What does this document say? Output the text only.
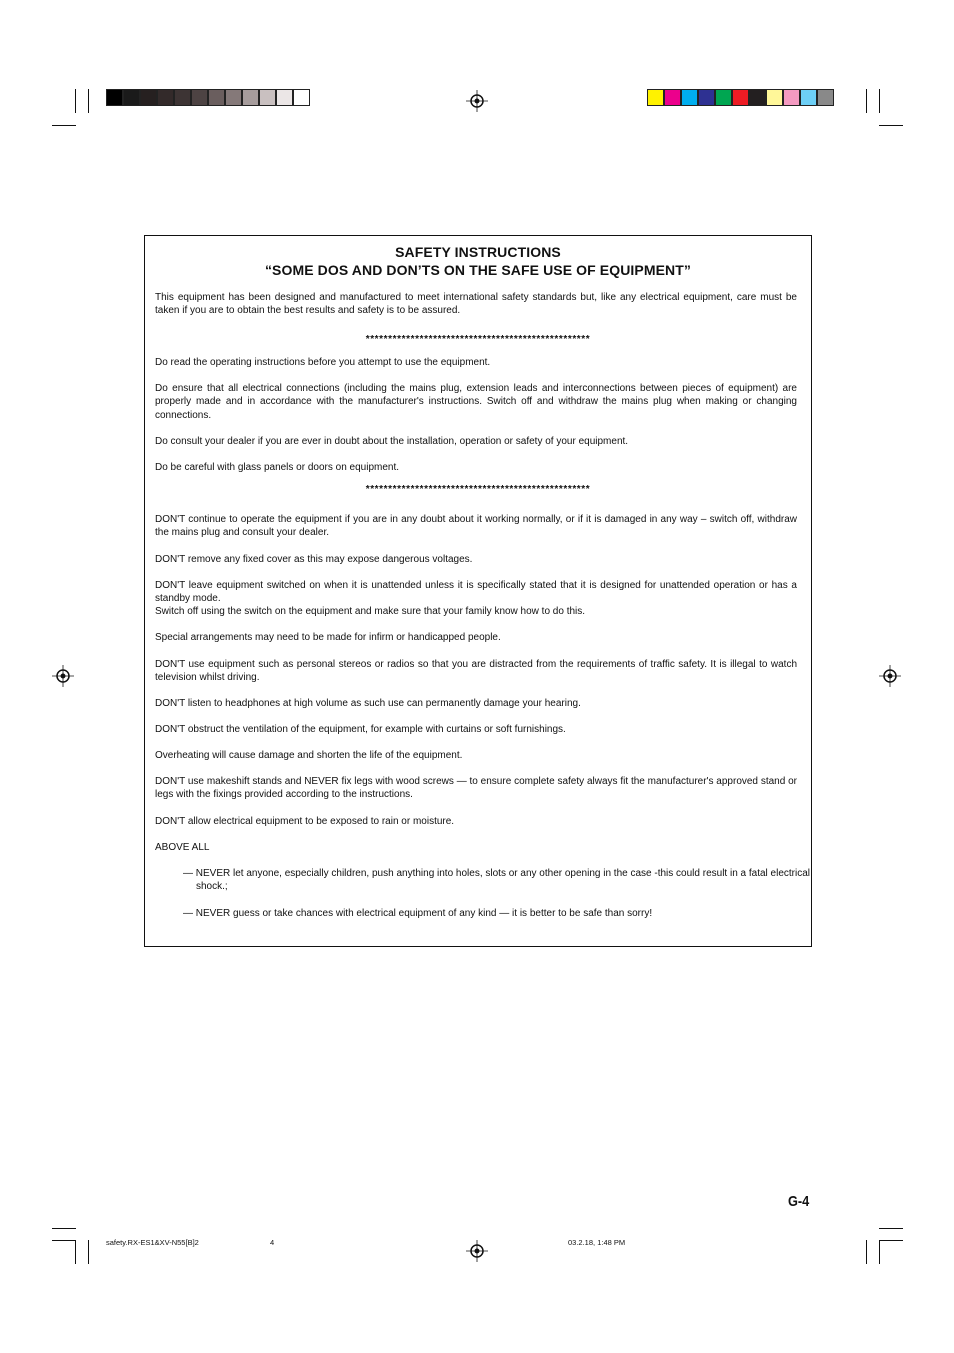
SAFETY INSTRUCTIONS
“SOME DOS AND DON’TS ON THE SAFE USE OF EQUIPMENT”
This equipment has been designed and manufactured to meet international safety standards but, like any electrical equipment, care must be taken if you are to obtain the best results and safety is to be assured.
**************************************************
Do read the operating instructions before you attempt to use the equipment.
Do ensure that all electrical connections (including the mains plug, extension leads and interconnections between pieces of equipment) are properly made and in accordance with the manufacturer's instructions. Switch off and withdraw the mains plug when making or changing connections.
Do consult your dealer if you are ever in doubt about the installation, operation or safety of your equipment.
Do be careful with glass panels or doors on equipment.
**************************************************
DON'T continue to operate the equipment if you are in any doubt about it working normally, or if it is damaged in any way – switch off, withdraw the mains plug and consult your dealer.
DON'T remove any fixed cover as this may expose dangerous voltages.
DON'T leave equipment switched on when it is unattended unless it is specifically stated that it is designed for unattended operation or has a standby mode.
Switch off using the switch on the equipment and make sure that your family know how to do this.
Special arrangements may need to be made for infirm or handicapped people.
DON'T use equipment such as personal stereos or radios so that you are distracted from the requirements of traffic safety. It is illegal to watch television whilst driving.
DON'T listen to headphones at high volume as such use can permanently damage your hearing.
DON'T obstruct the ventilation of the equipment, for example with curtains or soft furnishings.
Overheating will cause damage and shorten the life of the equipment.
DON'T use makeshift stands and NEVER fix legs with wood screws — to ensure complete safety always fit the manufacturer's approved stand or legs with the fixings provided according to the instructions.
DON'T allow electrical equipment to be exposed to rain or moisture.
ABOVE ALL
— NEVER let anyone, especially children, push anything into holes, slots or any other opening in the case -this could result in a fatal electrical shock.;
— NEVER guess or take chances with electrical equipment of any kind — it is better to be safe than sorry!
G-4
safety.RX-ES1&XV-N55[B]2	4	03.2.18, 1:48 PM
